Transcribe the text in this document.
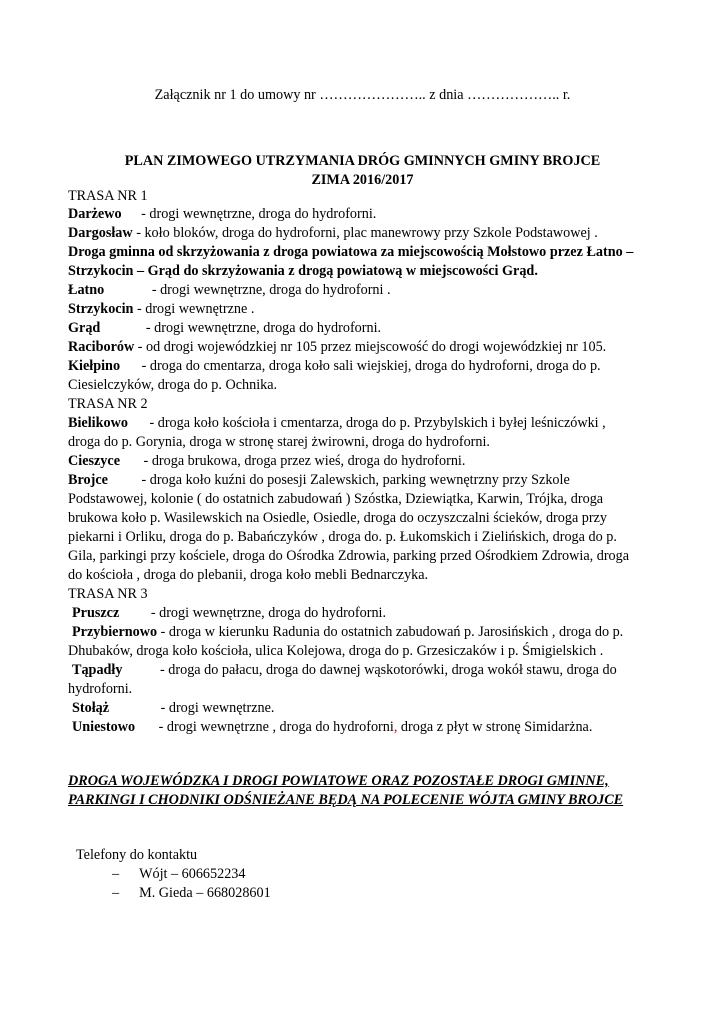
Załącznik nr 1 do umowy nr ………………….. z dnia ……………….. r.
PLAN ZIMOWEGO UTRZYMANIA DRÓG GMINNYCH GMINY BROJCE
ZIMA 2016/2017
TRASA NR 1
Darżewo - drogi wewnętrzne, droga do hydroforni.
Dargosław - koło bloków, droga do hydroforni, plac manewrowy przy Szkole Podstawowej .
Droga gminna od skrzyżowania z droga powiatowa za miejscowością Mołstowo przez Łatno –
Strzykocin – Grąd do skrzyżowania z drogą powiatową w miejscowości Grąd.
Łatno	- drogi wewnętrzne, droga do hydroforni .
Strzykocin - drogi wewnętrzne .
Grąd	- drogi wewnętrzne, droga do hydroforni.
Raciborów - od drogi wojewódzkiej nr 105 przez miejscowość do drogi wojewódzkiej nr 105.
Kiełpino - droga do cmentarza, droga koło sali wiejskiej, droga do hydroforni, droga do p.
Ciesielczyków, droga do p. Ochnika.
TRASA NR 2
Bielikowo - droga koło kościoła i cmentarza, droga do p. Przybylskich i byłej leśniczówki ,
droga do p. Gorynia, droga w stronę starej żwirowni, droga do hydroforni.
Cieszyce - droga brukowa, droga przez wieś, droga do hydroforni.
Brojce - droga koło kuźni do posesji Zalewskich, parking wewnętrzny przy Szkole
Podstawowej, kolonie ( do ostatnich zabudowań ) Szóstka, Dziewiątka, Karwin, Trójka, droga
brukowa koło p. Wasilewskich na Osiedle, Osiedle, droga do oczyszczalni ścieków, droga przy
piekarni i Orliku, droga do p. Babańczyków , droga do. p. Łukomskich i Zielińskich, droga do p.
Gila, parkingi przy kościele, droga do Ośrodka Zdrowia, parking przed Ośrodkiem Zdrowia, droga
do kościoła , droga do plebanii, droga koło mebli Bednarczyka.
TRASA NR 3
Pruszcz - drogi wewnętrzne, droga do hydroforni.
Przybiernowo - droga w kierunku Radunia do ostatnich zabudowań p. Jarosińskich , droga do p.
Dhubaków, droga koło kościoła, ulica Kolejowa, droga do p. Grzesiczaków i p. Śmigielskich .
Tąpadły - droga do pałacu, droga do dawnej wąskotorówki, droga wokół stawu, droga do
hydroforni.
Stołąż	- drogi wewnętrzne.
Uniestowo - drogi wewnętrzne , droga do hydroforni, droga z płyt w stronę Simidarżna.
DROGA WOJEWÓDZKA I DROGI POWIATOWE ORAZ POZOSTAŁE DROGI GMINNE,
PARKINGI I CHODNIKI ODŚNIEŻANE BĘDĄ NA POLECENIE WÓJTA GMINY BROJCE
Telefony do kontaktu
– Wójt – 606652234
– M. Gieda – 668028601
